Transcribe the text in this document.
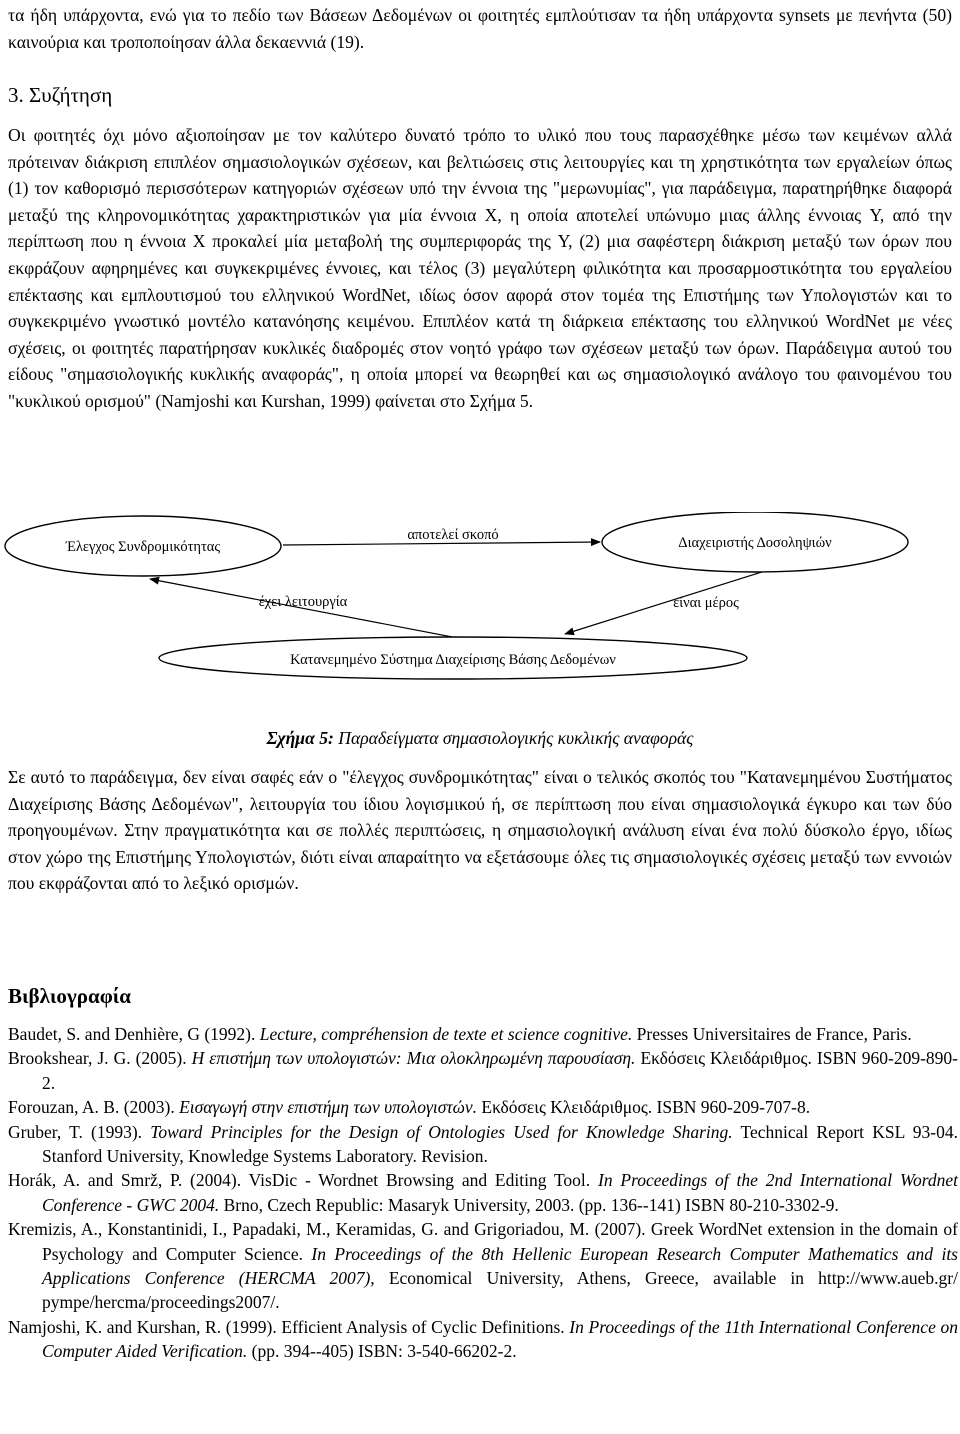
τα ήδη υπάρχοντα, ενώ για το πεδίο των Βάσεων Δεδομένων οι φοιτητές εμπλούτισαν τα ήδη υπάρχοντα synsets με πενήντα (50) καινούρια και τροποποίησαν άλλα δεκαεννιά (19).

3. Συζήτηση

Οι φοιτητές όχι μόνο αξιοποίησαν με τον καλύτερο δυνατό τρόπο το υλικό που τους παρασχέθηκε μέσω των κειμένων αλλά πρότειναν διάκριση επιπλέον σημασιολογικών σχέσεων, και βελτιώσεις στις λειτουργίες και τη χρηστικότητα των εργαλείων όπως (1) τον καθορισμό περισσότερων κατηγοριών σχέσεων υπό την έννοια της "μερωνυμίας", για παράδειγμα, παρατηρήθηκε διαφορά μεταξύ της κληρονομικότητας χαρακτηριστικών για μία έννοια X, η οποία αποτελεί υπώνυμο μιας άλλης έννοιας Y, από την περίπτωση που η έννοια X προκαλεί μία μεταβολή της συμπεριφοράς της Y, (2) μια σαφέστερη διάκριση μεταξύ των όρων που εκφράζουν αφηρημένες και συγκεκριμένες έννοιες, και τέλος (3) μεγαλύτερη φιλικότητα και προσαρμοστικότητα του εργαλείου επέκτασης και εμπλουτισμού του ελληνικού WordNet, ιδίως όσον αφορά στον τομέα της Επιστήμης των Υπολογιστών και το συγκεκριμένο γνωστικό μοντέλο κατανόησης κειμένου. Επιπλέον κατά τη διάρκεια επέκτασης του ελληνικού WordNet με νέες σχέσεις, οι φοιτητές παρατήρησαν κυκλικές διαδρομές στον νοητό γράφο των σχέσεων μεταξύ των όρων. Παράδειγμα αυτού του είδους "σημασιολογικής κυκλικής αναφοράς", η οποία μπορεί να θεωρηθεί και ως σημασιολογικό ανάλογο του φαινομένου του "κυκλικού ορισμού" (Namjoshi και Kurshan, 1999) φαίνεται στο Σχήμα 5.

Έλεγχος Συνδρομικότητας	Διαχειριστής Δοσοληψιών
Κατανεμημένο Σύστημα Διαχείρισης Βάσης Δεδομένων
αποτελεί σκοπό
έχει λειτουργία	είναι μέρος
Σχήμα 5: Παραδείγματα σημασιολογικής κυκλικής αναφοράς

Σε αυτό το παράδειγμα, δεν είναι σαφές εάν ο "έλεγχος συνδρομικότητας" είναι ο τελικός σκοπός του "Κατανεμημένου Συστήματος Διαχείρισης Βάσης Δεδομένων", λειτουργία του ίδιου λογισμικού ή, σε περίπτωση που είναι σημασιολογικά έγκυρο και των δύο προηγουμένων. Στην πραγματικότητα και σε πολλές περιπτώσεις, η σημασιολογική ανάλυση είναι ένα πολύ δύσκολο έργο, ιδίως στον χώρο της Επιστήμης Υπολογιστών, διότι είναι απαραίτητο να εξετάσουμε όλες τις σημασιολογικές σχέσεις μεταξύ των εννοιών που εκφράζονται από το λεξικό ορισμών.

Βιβλιογραφία
Baudet, S. and Denhière, G (1992). Lecture, compréhension de texte et science cognitive. Presses Universitaires de France, Paris.
Brookshear, J. G. (2005). Η επιστήμη των υπολογιστών: Μια ολοκληρωμένη παρουσίαση. Εκδόσεις Κλειδάριθμος. ISBN 960-209-890-2.
Forouzan, A. B. (2003). Εισαγωγή στην επιστήμη των υπολογιστών. Εκδόσεις Κλειδάριθμος. ISBN 960-209-707-8.
Gruber, T. (1993). Toward Principles for the Design of Ontologies Used for Knowledge Sharing. Technical Report KSL 93-04. Stanford University, Knowledge Systems Laboratory. Revision.
Horák, A. and Smrž, P. (2004). VisDic - Wordnet Browsing and Editing Tool. In Proceedings of the 2nd International Wordnet Conference - GWC 2004. Brno, Czech Republic: Masaryk University, 2003. (pp. 136--141) ISBN 80-210-3302-9.
Kremizis, A., Konstantinidi, I., Papadaki, M., Keramidas, G. and Grigoriadou, M. (2007). Greek WordNet extension in the domain of Psychology and Computer Science. In Proceedings of the 8th Hellenic European Research Computer Mathematics and its Applications Conference (HERCMA 2007), Economical University, Athens, Greece, available in http://www.aueb.gr/ pympe/hercma/proceedings2007/.
Namjoshi, K. and Kurshan, R. (1999). Efficient Analysis of Cyclic Definitions. In Proceedings of the 11th International Conference on Computer Aided Verification. (pp. 394--405) ISBN: 3-540-66202-2.
